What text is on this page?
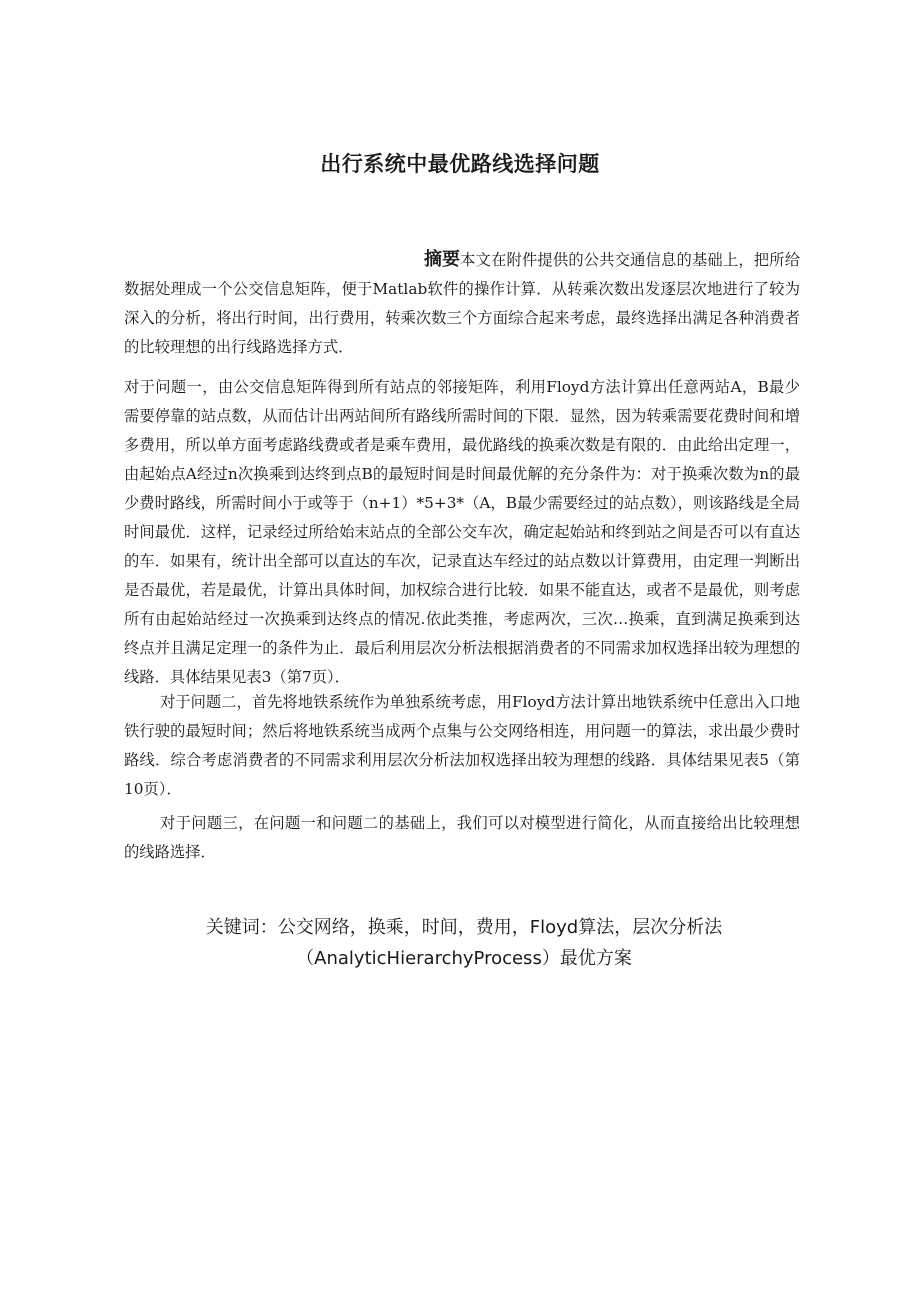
出行系统中最优路线选择问题
摘要本文在附件提供的公共交通信息的基础上，把所给数据处理成一个公交信息矩阵，便于Matlab软件的操作计算．从转乘次数出发逐层次地进行了较为深入的分析，将出行时间，出行费用，转乘次数三个方面综合起来考虑，最终选择出满足各种消费者的比较理想的出行线路选择方式．
对于问题一，由公交信息矩阵得到所有站点的邻接矩阵，利用Floyd方法计算出任意两站A，B最少需要停靠的站点数，从而估计出两站间所有路线所需时间的下限．显然，因为转乘需要花费时间和增多费用，所以单方面考虑路线费或者是乘车费用，最优路线的换乘次数是有限的．由此给出定理一，由起始点A经过n次换乘到达终到点B的最短时间是时间最优解的充分条件为：对于换乘次数为n的最少费时路线，所需时间小于或等于（n+1）*5+3*（A，B最少需要经过的站点数），则该路线是全局时间最优．这样，记录经过所给始末站点的全部公交车次，确定起始站和终到站之间是否可以有直达的车．如果有，统计出全部可以直达的车次，记录直达车经过的站点数以计算费用，由定理一判断出是否最优，若是最优，计算出具体时间，加权综合进行比较．如果不能直达，或者不是最优，则考虑所有由起始站经过一次换乘到达终点的情况.依此类推，考虑两次，三次…换乘，直到满足换乘到达终点并且满足定理一的条件为止．最后利用层次分析法根据消费者的不同需求加权选择出较为理想的线路．具体结果见表3（第7页）．
对于问题二，首先将地铁系统作为单独系统考虑，用Floyd方法计算出地铁系统中任意出入口地铁行驶的最短时间；然后将地铁系统当成两个点集与公交网络相连，用问题一的算法，求出最少费时路线．综合考虑消费者的不同需求利用层次分析法加权选择出较为理想的线路．具体结果见表5（第10页）．
对于问题三，在问题一和问题二的基础上，我们可以对模型进行简化，从而直接给出比较理想的线路选择．
关键词：公交网络，换乘，时间，费用，Floyd算法，层次分析法（AnalyticHierarchyProcess）最优方案
